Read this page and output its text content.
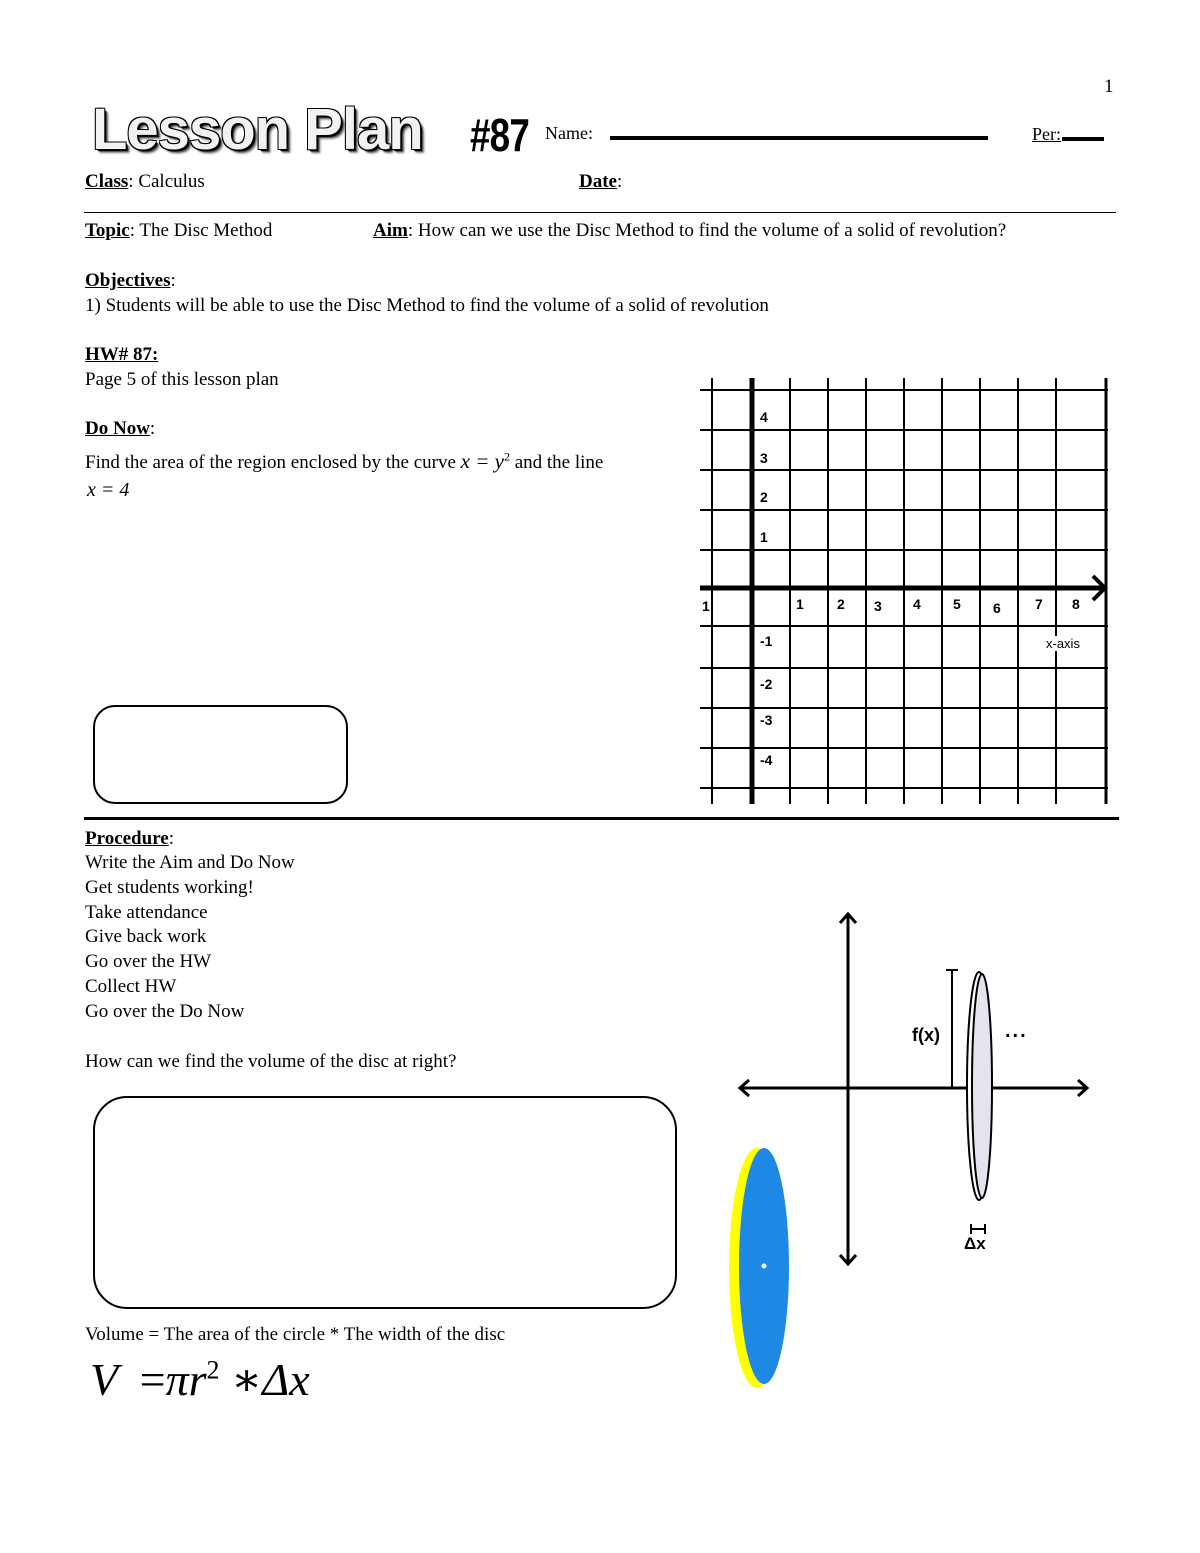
1
Lesson Plan #87 Name:	Per:
Class: Calculus	Date:
Topic: The Disc Method	Aim: How can we use the Disc Method to find the volume of a solid of revolution?
Objectives:
1) Students will be able to use the Disc Method to find the volume of a solid of revolution
HW# 87:
Page 5 of this lesson plan
Do Now:
Find the area of the region enclosed by the curve $x = y^2$ and the line
x = 4
4
3
2
1
-1
-2
-3
-4
1	1 2 3 4 5 6 7 8
x-axis
Procedure:
Write the Aim and Do Now
Get students working!
Take attendance
Give back work
Go over the HW
Collect HW
Go over the Do Now
How can we find the volume of the disc at right?
Volume = The area of the circle * The width of the disc
$V =\pi r^2$ ∗Δx
f(x)	...
Δx
